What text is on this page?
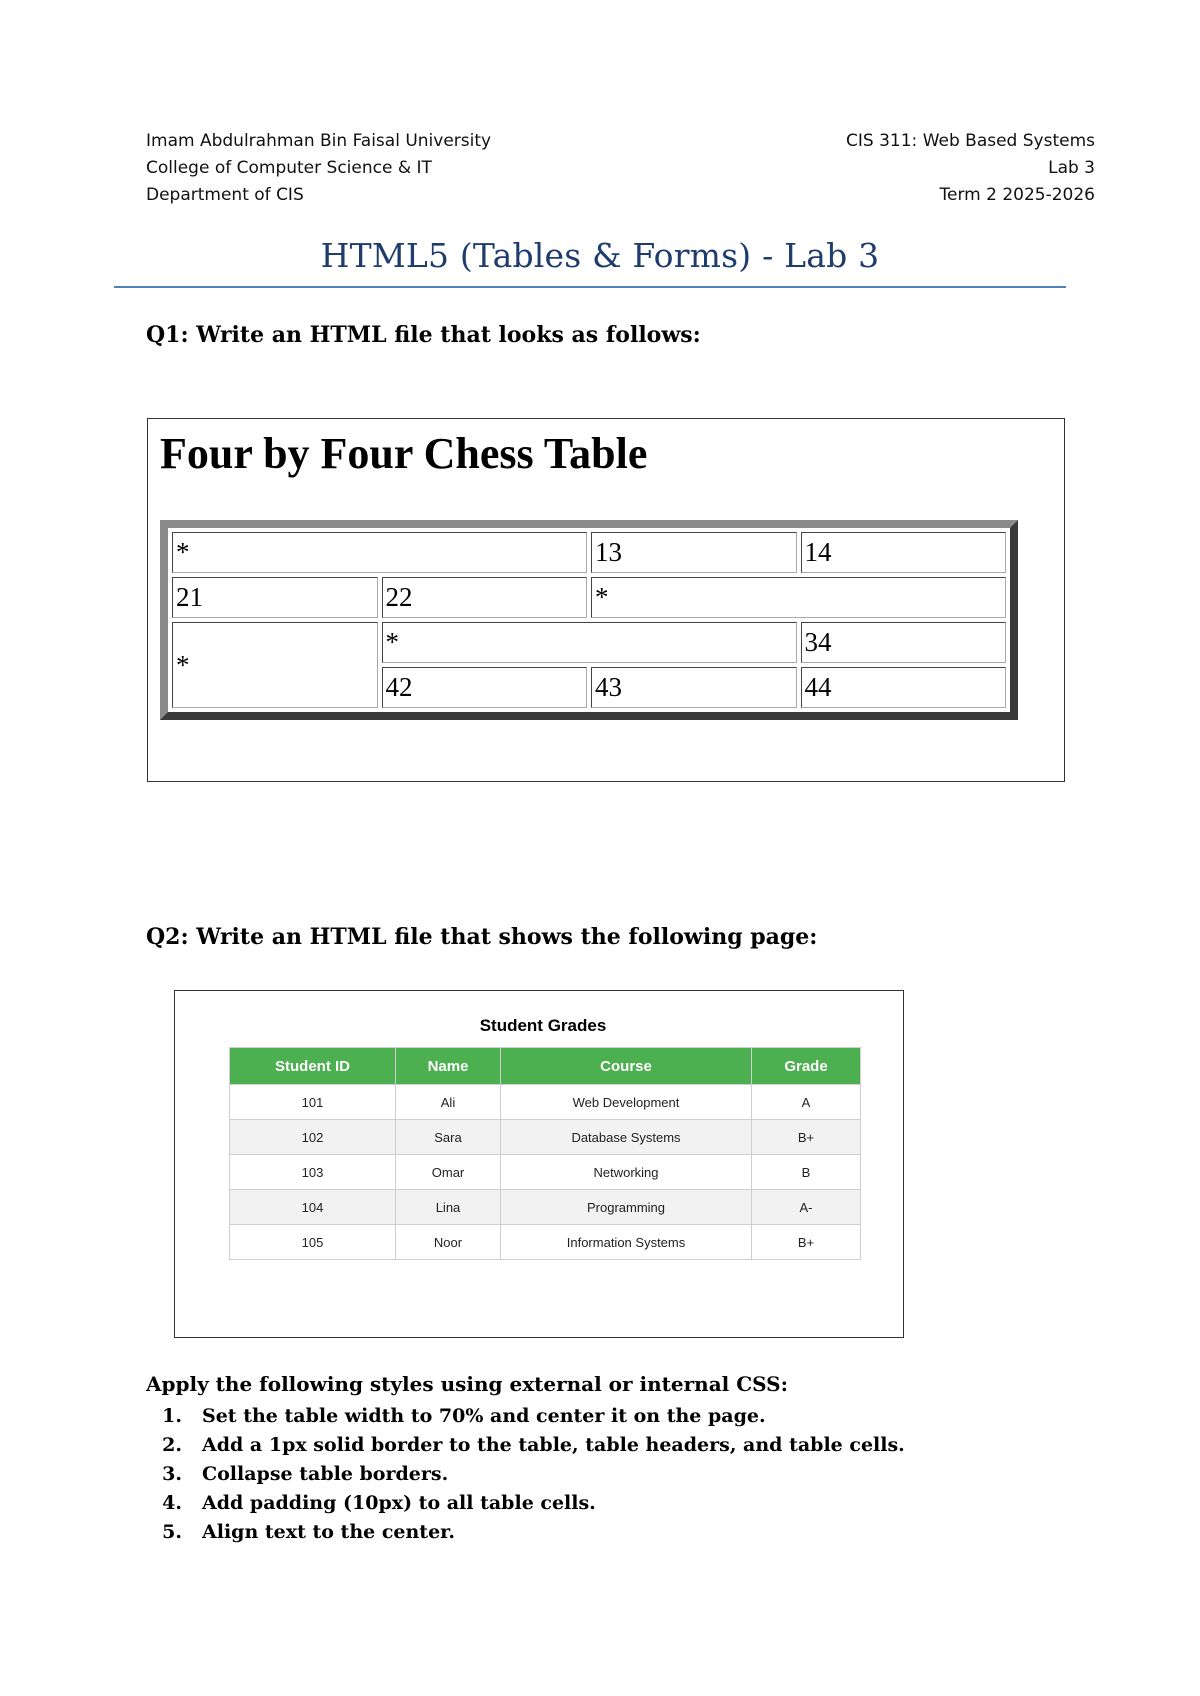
Imam Abdulrahman Bin Faisal University
College of Computer Science & IT
Department of CIS
CIS 311: Web Based Systems
Lab 3
Term 2 2025-2026
HTML5 (Tables & Forms) - Lab 3
Q1: Write an HTML file that looks as follows:
Four by Four Chess Table
*		13	14
21	22	*	
*	*		34
	42	43	44
Q2: Write an HTML file that shows the following page:
Student Grades
Student ID	Name	Course	Grade
101	Ali	Web Development	A
102	Sara	Database Systems	B+
103	Omar	Networking	B
104	Lina	Programming	A-
105	Noor	Information Systems	B+
Apply the following styles using external or internal CSS:
1. Set the table width to 70% and center it on the page.
2. Add a 1px solid border to the table, table headers, and table cells.
3. Collapse table borders.
4. Add padding (10px) to all table cells.
5. Align text to the center.
